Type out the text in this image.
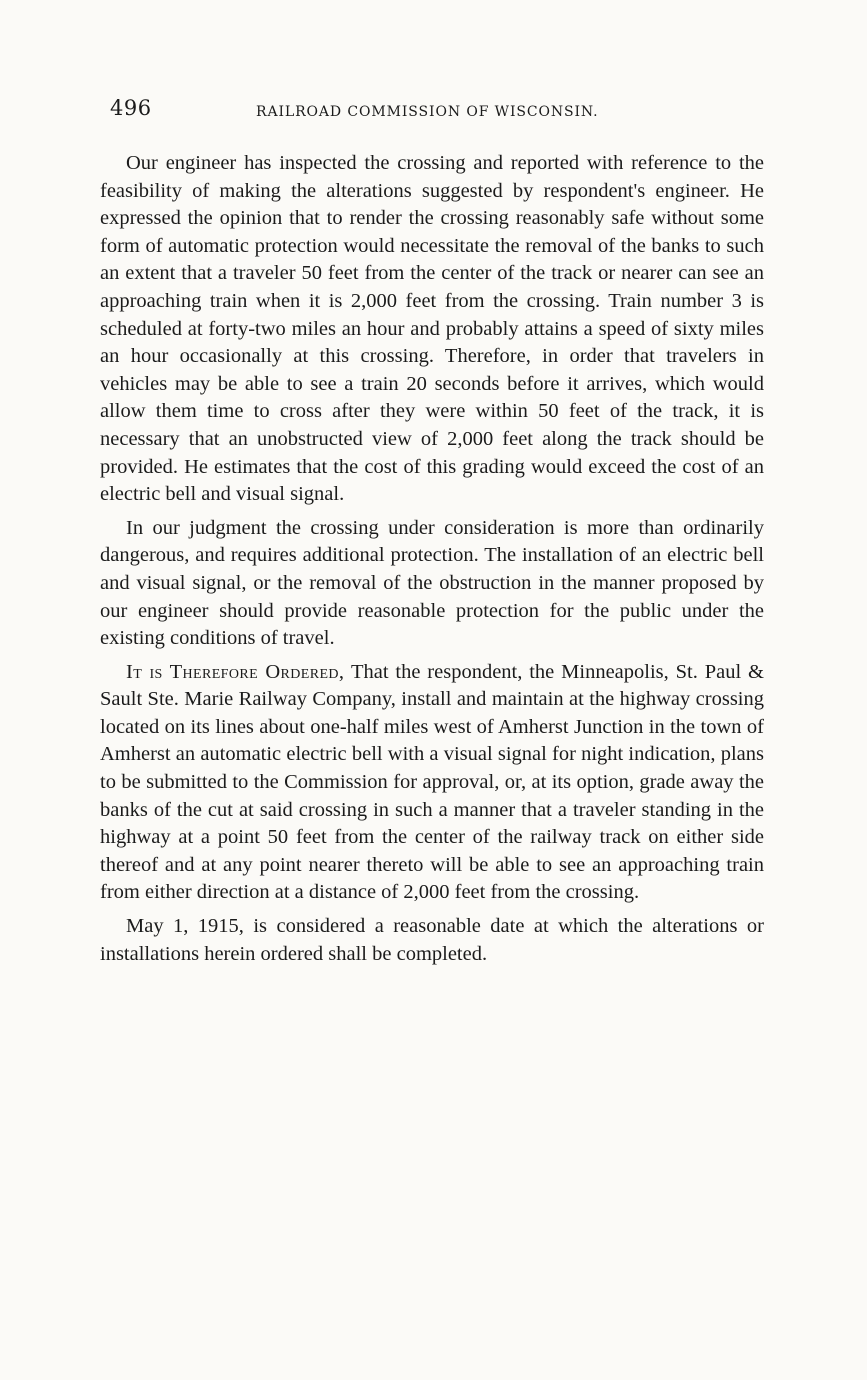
496	RAILROAD COMMISSION OF WISCONSIN.

Our engineer has inspected the crossing and reported with reference to the feasibility of making the alterations suggested by respondent's engineer. He expressed the opinion that to render the crossing reasonably safe without some form of automatic protection would necessitate the removal of the banks to such an extent that a traveler 50 feet from the center of the track or nearer can see an approaching train when it is 2,000 feet from the crossing. Train number 3 is scheduled at forty-two miles an hour and probably attains a speed of sixty miles an hour occasionally at this crossing. Therefore, in order that travelers in vehicles may be able to see a train 20 seconds before it arrives, which would allow them time to cross after they were within 50 feet of the track, it is necessary that an unobstructed view of 2,000 feet along the track should be provided. He estimates that the cost of this grading would exceed the cost of an electric bell and visual signal.

In our judgment the crossing under consideration is more than ordinarily dangerous, and requires additional protection. The installation of an electric bell and visual signal, or the removal of the obstruction in the manner proposed by our engineer should provide reasonable protection for the public under the existing conditions of travel.

It is Therefore Ordered, That the respondent, the Minneapolis, St. Paul & Sault Ste. Marie Railway Company, install and maintain at the highway crossing located on its lines about one-half miles west of Amherst Junction in the town of Amherst an automatic electric bell with a visual signal for night indication, plans to be submitted to the Commission for approval, or, at its option, grade away the banks of the cut at said crossing in such a manner that a traveler standing in the highway at a point 50 feet from the center of the railway track on either side thereof and at any point nearer thereto will be able to see an approaching train from either direction at a distance of 2,000 feet from the crossing.

May 1, 1915, is considered a reasonable date at which the alterations or installations herein ordered shall be completed.
